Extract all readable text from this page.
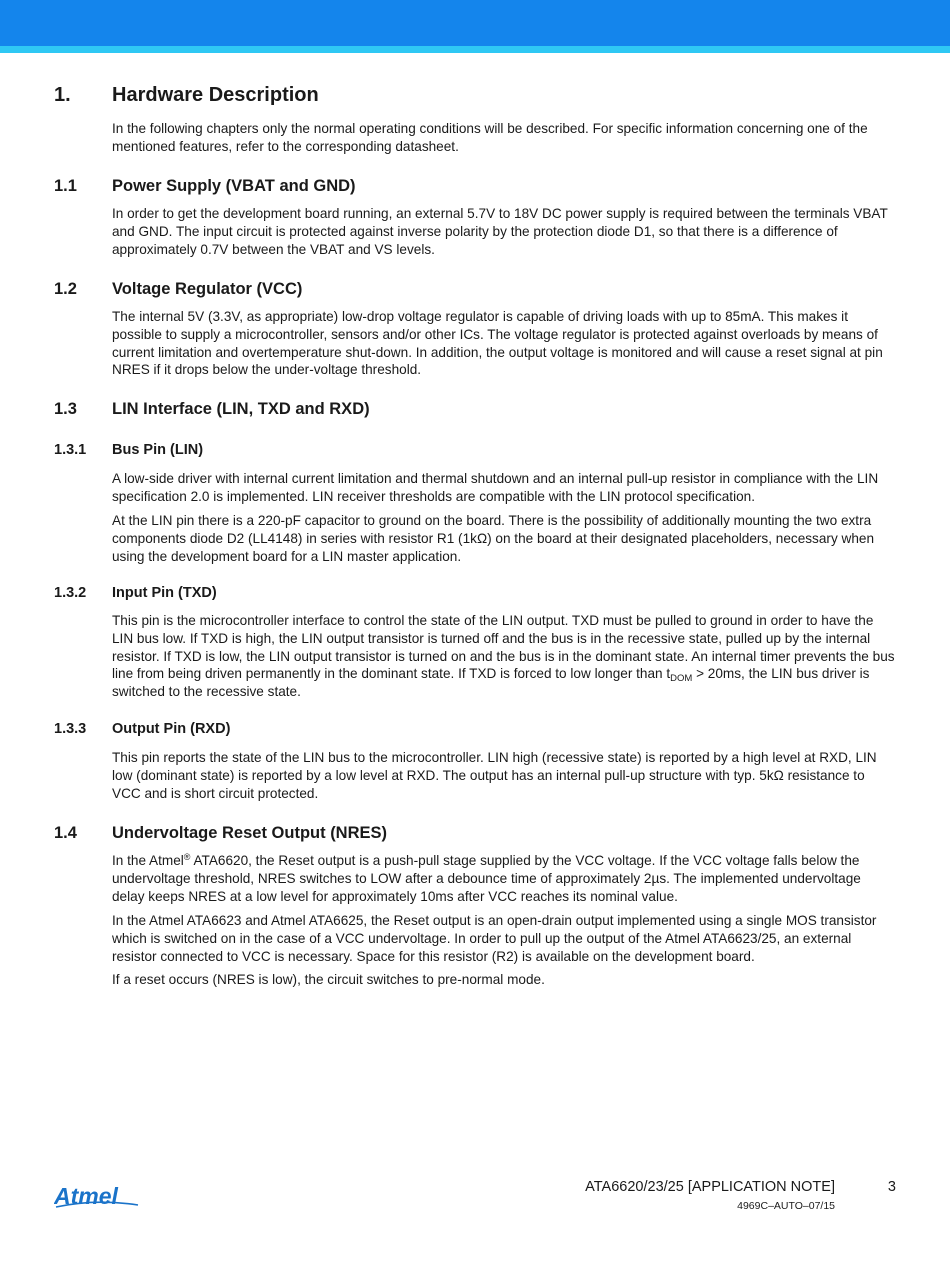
1. Hardware Description

In the following chapters only the normal operating conditions will be described. For specific information concerning one of the mentioned features, refer to the corresponding datasheet.

1.1 Power Supply (VBAT and GND)

In order to get the development board running, an external 5.7V to 18V DC power supply is required between the terminals VBAT and GND. The input circuit is protected against inverse polarity by the protection diode D1, so that there is a difference of approximately 0.7V between the VBAT and VS levels.

1.2 Voltage Regulator (VCC)

The internal 5V (3.3V, as appropriate) low-drop voltage regulator is capable of driving loads with up to 85mA. This makes it possible to supply a microcontroller, sensors and/or other ICs. The voltage regulator is protected against overloads by means of current limitation and overtemperature shut-down. In addition, the output voltage is monitored and will cause a reset signal at pin NRES if it drops below the under-voltage threshold.

1.3 LIN Interface (LIN, TXD and RXD)
1.3.1 Bus Pin (LIN)

A low-side driver with internal current limitation and thermal shutdown and an internal pull-up resistor in compliance with the LIN specification 2.0 is implemented. LIN receiver thresholds are compatible with the LIN protocol specification.

At the LIN pin there is a 220-pF capacitor to ground on the board. There is the possibility of additionally mounting the two extra components diode D2 (LL4148) in series with resistor R1 (1kΩ) on the board at their designated placeholders, necessary when using the development board for a LIN master application.

1.3.2 Input Pin (TXD)

This pin is the microcontroller interface to control the state of the LIN output. TXD must be pulled to ground in order to have the LIN bus low. If TXD is high, the LIN output transistor is turned off and the bus is in the recessive state, pulled up by the internal resistor. If TXD is low, the LIN output transistor is turned on and the bus is in the dominant state. An internal timer prevents the bus line from being driven permanently in the dominant state. If TXD is forced to low longer than $t_{DOM} > 20ms$, the LIN bus driver is switched to the recessive state.

1.3.3 Output Pin (RXD)

This pin reports the state of the LIN bus to the microcontroller. LIN high (recessive state) is reported by a high level at RXD, LIN low (dominant state) is reported by a low level at RXD. The output has an internal pull-up structure with typ. 5kΩ resistance to VCC and is short circuit protected.

1.4 Undervoltage Reset Output (NRES)

In the Atmel® ATA6620, the Reset output is a push-pull stage supplied by the VCC voltage. If the VCC voltage falls below the undervoltage threshold, NRES switches to LOW after a debounce time of approximately 2µs. The implemented undervoltage delay keeps NRES at a low level for approximately 10ms after VCC reaches its nominal value.

In the Atmel ATA6623 and Atmel ATA6625, the Reset output is an open-drain output implemented using a single MOS transistor which is switched on in the case of a VCC undervoltage. In order to pull up the output of the Atmel ATA6623/25, an external resistor connected to VCC is necessary. Space for this resistor (R2) is available on the development board.

If a reset occurs (NRES is low), the circuit switches to pre-normal mode.

Atmel	ATA6620/23/25 [APPLICATION NOTE]	3
4969C–AUTO–07/15
